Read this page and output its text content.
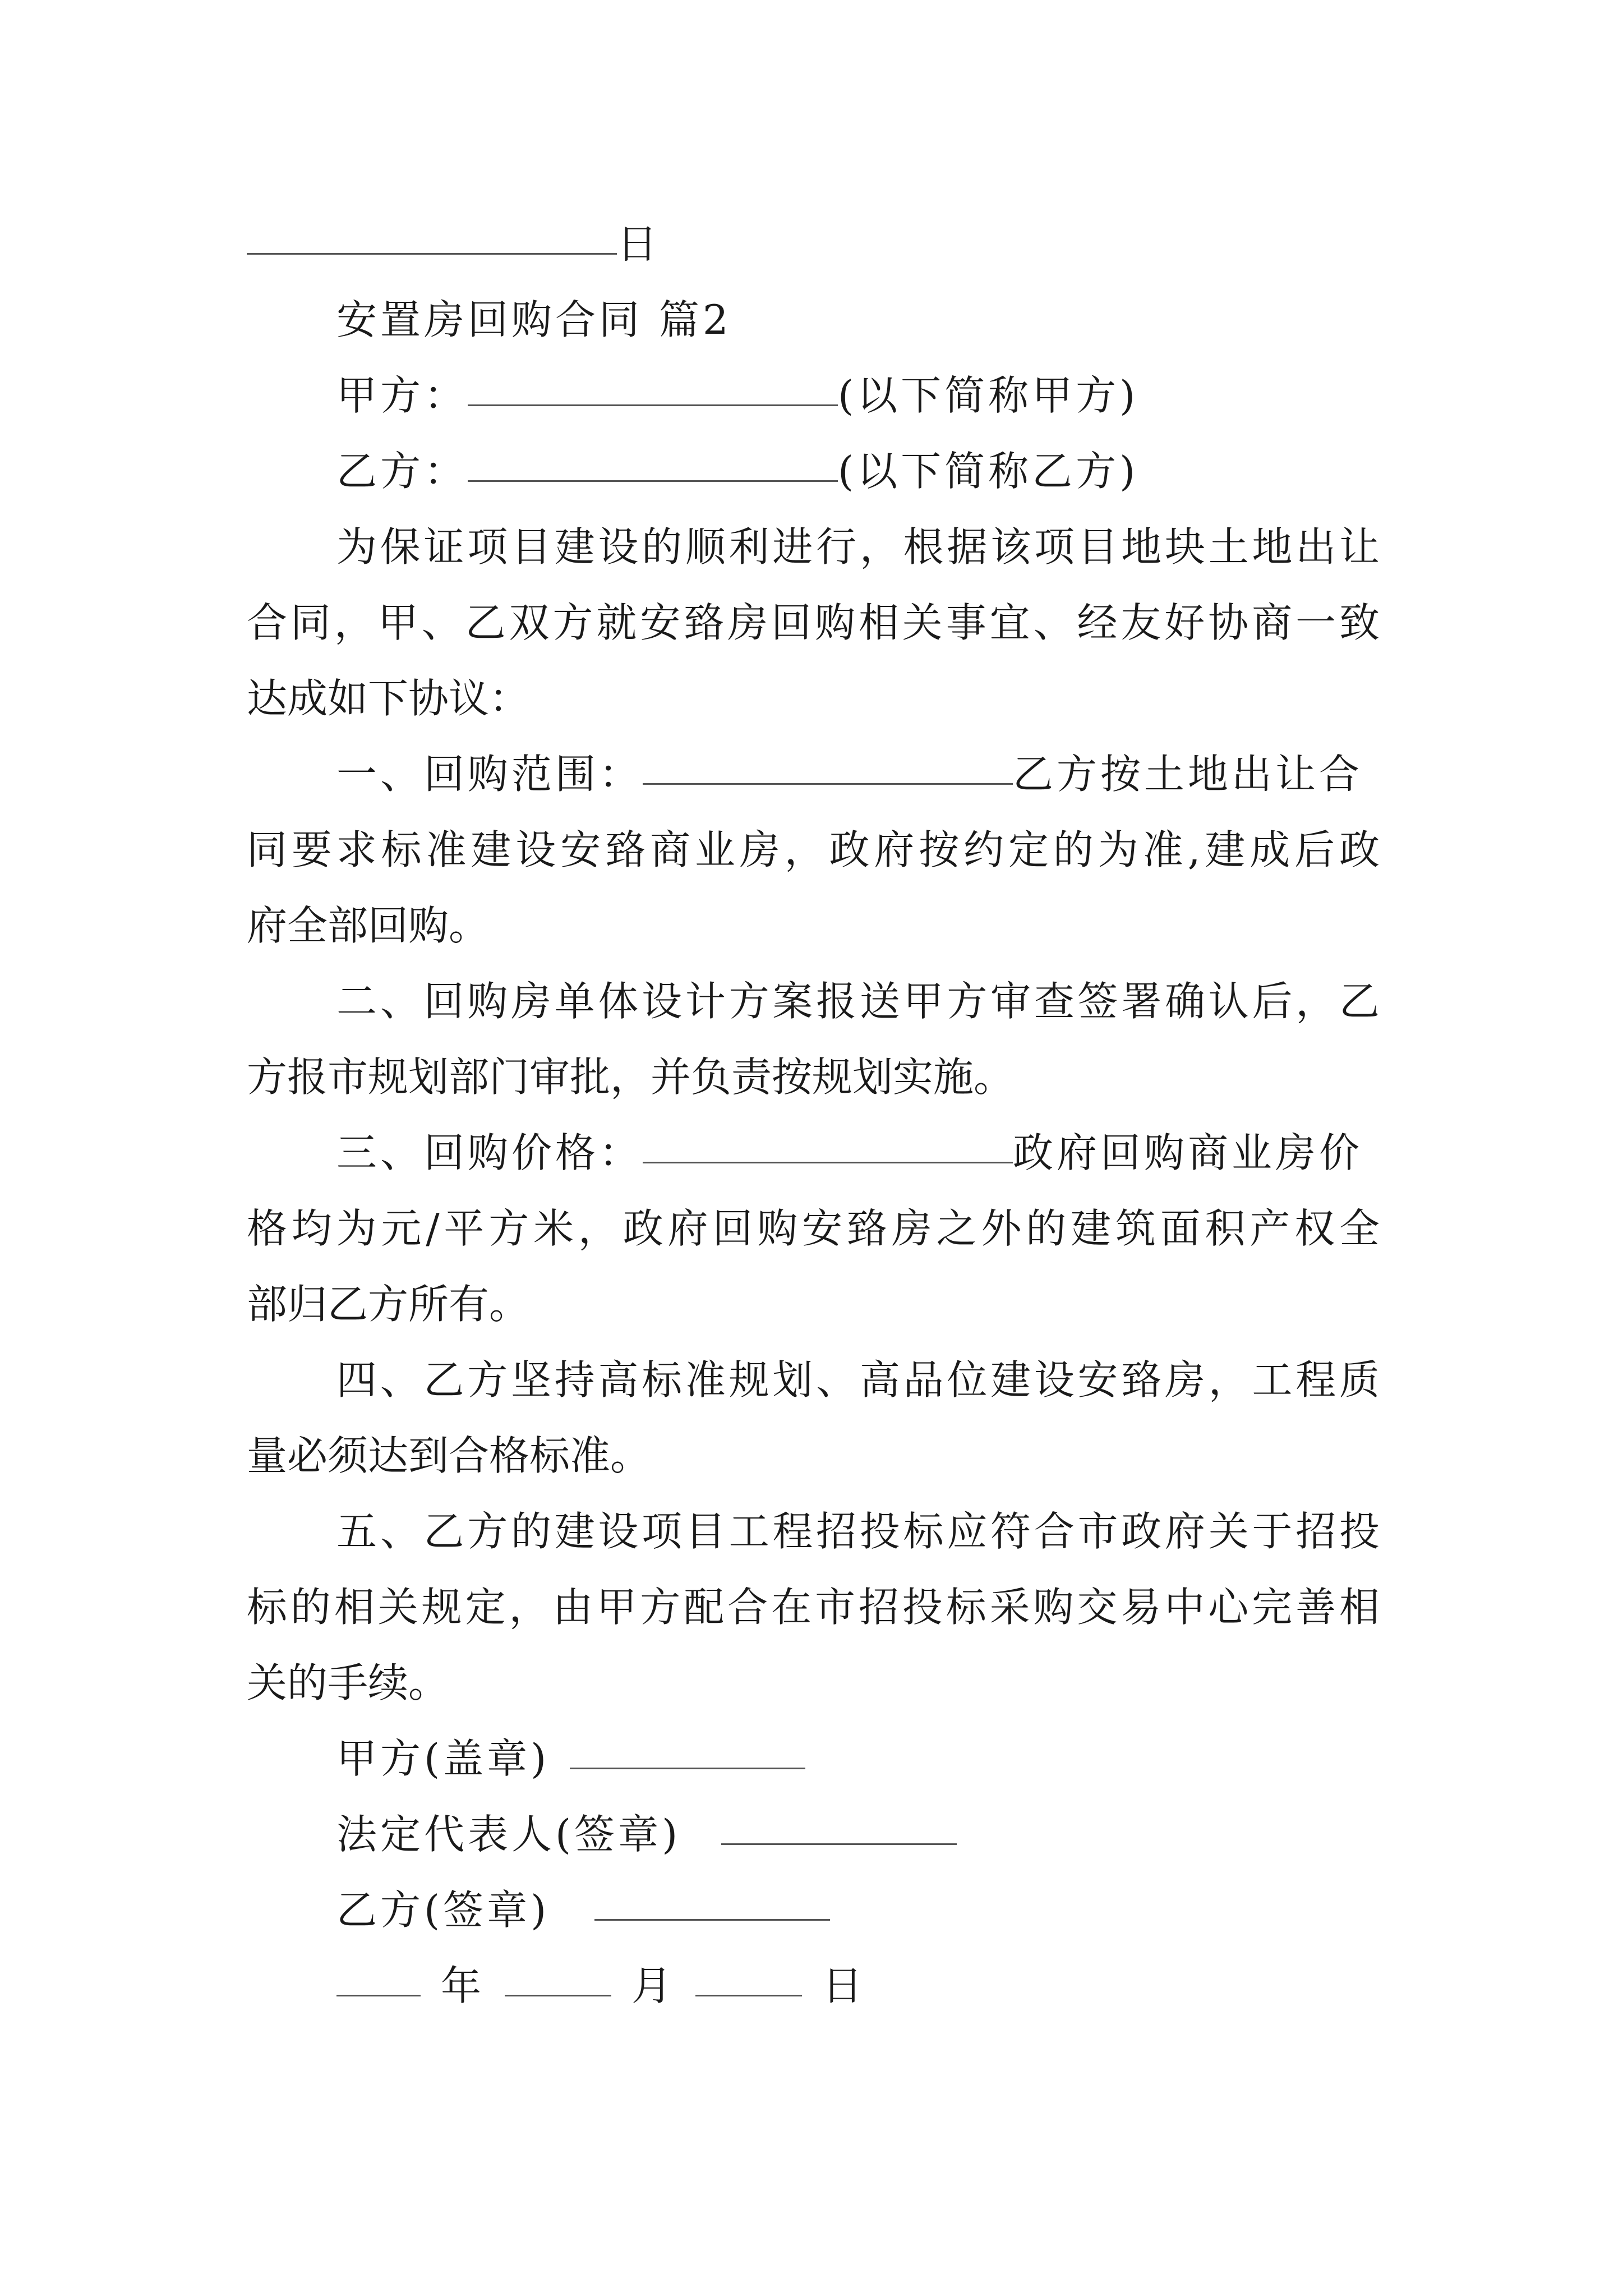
日
安置房回购合同 篇2
甲方：	(以下简称甲方)
乙方：	(以下简称乙方)
为保证项目建设的顺利进行，根据该项目地块土地出让
合同，甲、乙双方就安臵房回购相关事宜、经友好协商一致
达成如下协议：
一、回购范围：	乙方按土地出让合
同要求标准建设安臵商业房，政府按约定的为准,建成后政
府全部回购。
二、回购房单体设计方案报送甲方审查签署确认后，乙
方报市规划部门审批，并负责按规划实施。
三、回购价格：	政府回购商业房价
格均为元/平方米，政府回购安臵房之外的建筑面积产权全
部归乙方所有。
四、乙方坚持高标准规划、高品位建设安臵房，工程质
量必须达到合格标准。
五、乙方的建设项目工程招投标应符合市政府关于招投
标的相关规定，由甲方配合在市招投标采购交易中心完善相
关的手续。
甲方(盖章)
法定代表人(签章)
乙方(签章)
年	月	日
